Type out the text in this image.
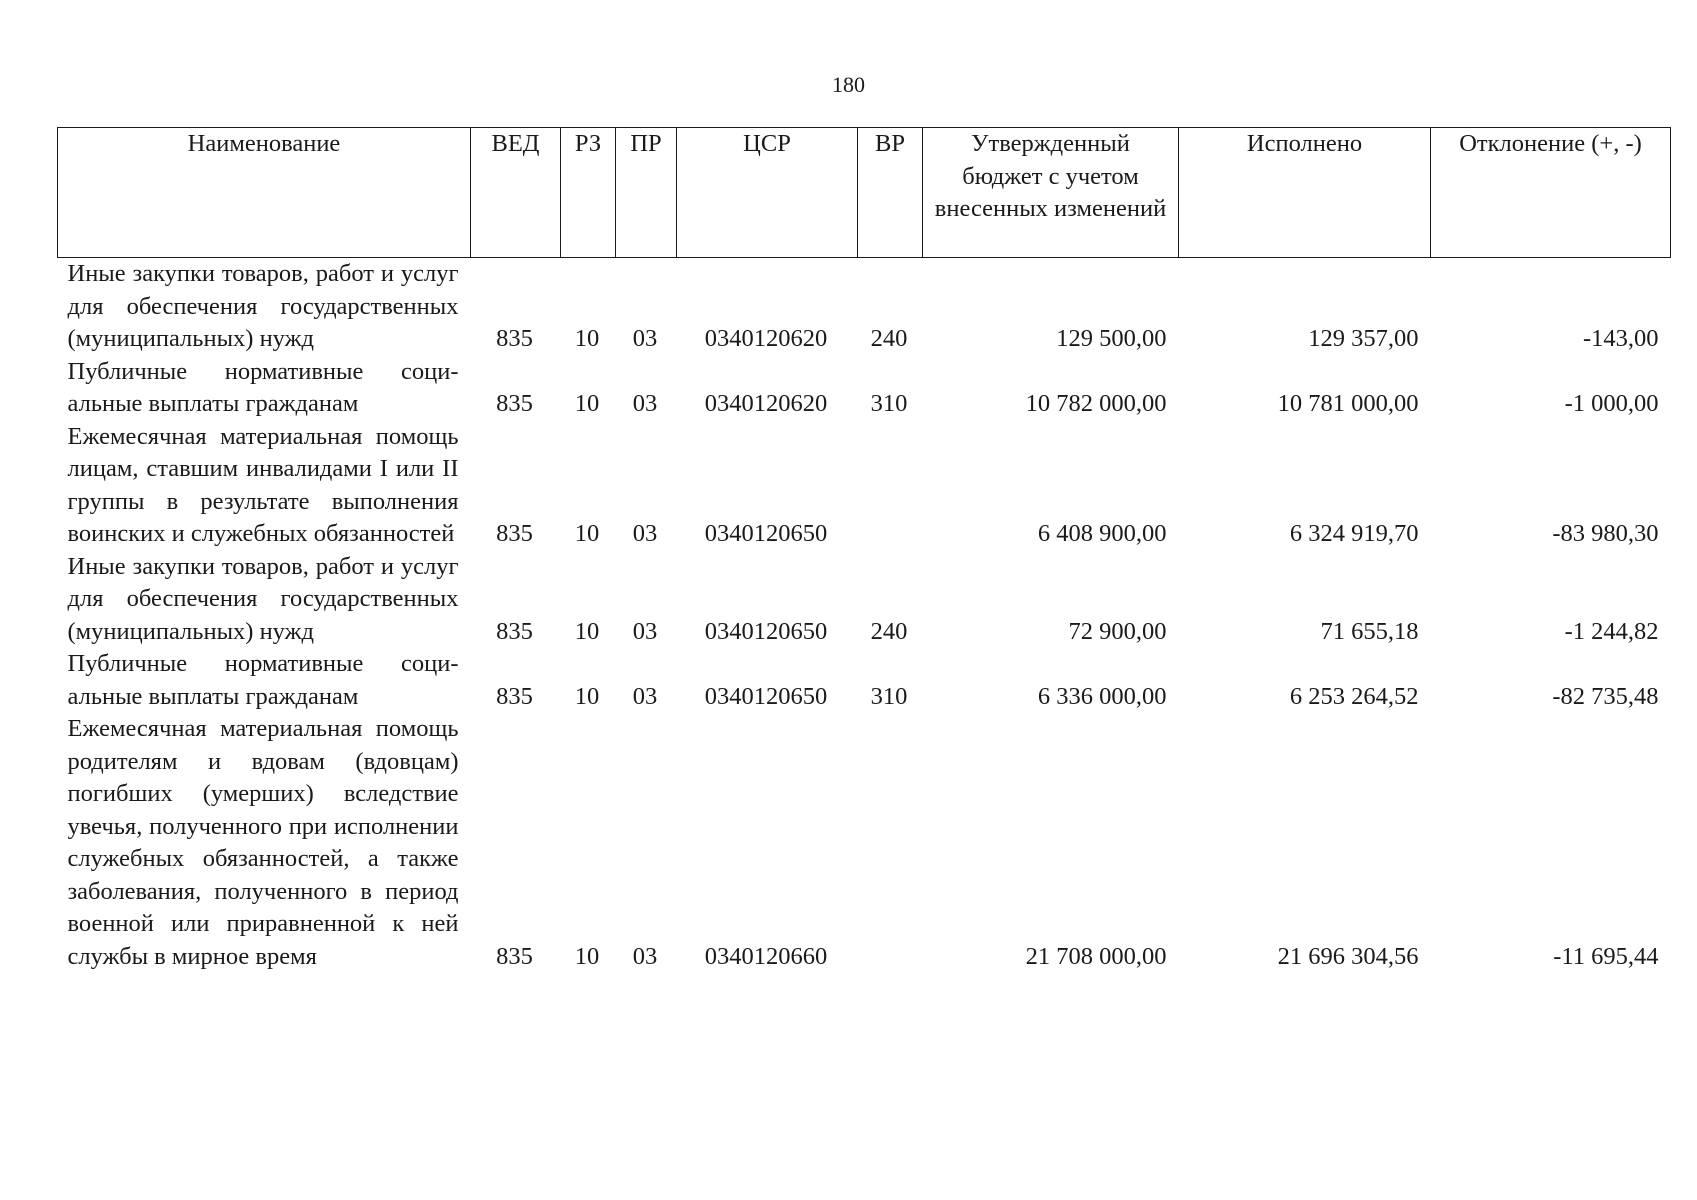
180
Наименование	ВЕД	РЗ	ПР	ЦСР	ВР	Утвержденный бюджет с учетом внесенных изменений	Исполнено	Отклонение (+, -)
Иные закупки товаров, работ и услуг для обеспечения государственных (муниципальных) нужд	835	10	03	0340120620	240	129 500,00	129 357,00	-143,00
Публичные нормативные социальные выплаты гражданам	835	10	03	0340120620	310	10 782 000,00	10 781 000,00	-1 000,00
Ежемесячная материальная помощь лицам, ставшим инвалидами I или II группы в результате выполнения воинских и служебных обязанностей	835	10	03	0340120650		6 408 900,00	6 324 919,70	-83 980,30
Иные закупки товаров, работ и услуг для обеспечения государственных (муниципальных) нужд	835	10	03	0340120650	240	72 900,00	71 655,18	-1 244,82
Публичные нормативные социальные выплаты гражданам	835	10	03	0340120650	310	6 336 000,00	6 253 264,52	-82 735,48
Ежемесячная материальная помощь родителям и вдовам (вдовцам) погибших (умерших) вследствие увечья, полученного при исполнении служебных обязанностей, а также заболевания, полученного в период военной или приравненной к ней службы в мирное время	835	10	03	0340120660		21 708 000,00	21 696 304,56	-11 695,44
